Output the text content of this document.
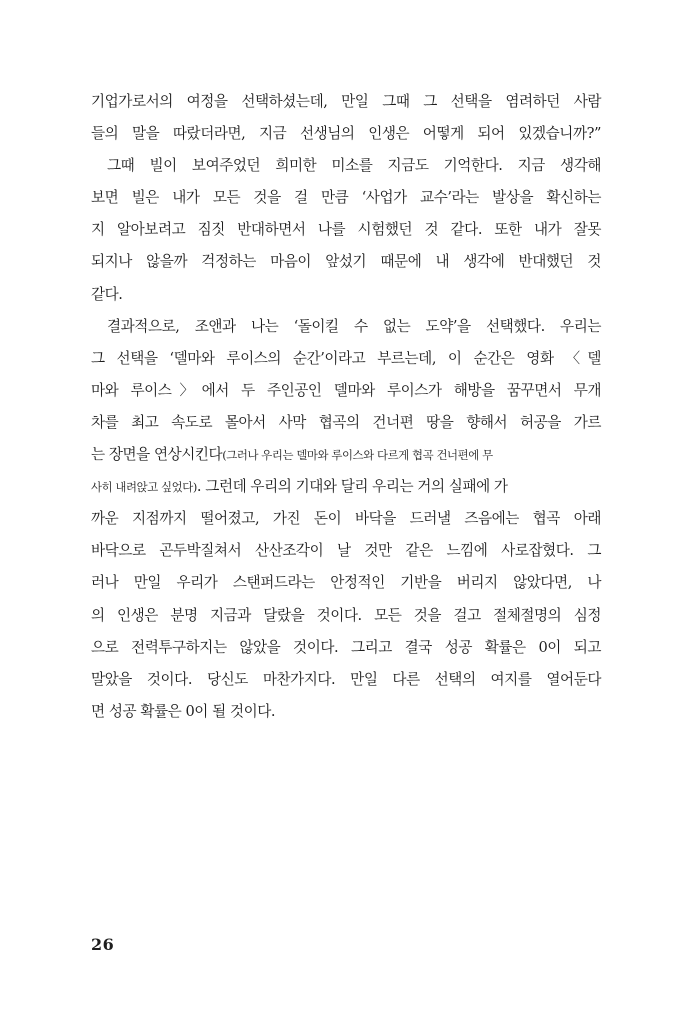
기업가로서의 여정을 선택하셨는데, 만일 그때 그 선택을 염려하던 사람
들의 말을 따랐더라면, 지금 선생님의 인생은 어떻게 되어 있겠습니까?”
그때 빌이 보여주었던 희미한 미소를 지금도 기억한다. 지금 생각해
보면 빌은 내가 모든 것을 걸 만큼 ‘사업가 교수’라는 발상을 확신하는
지 알아보려고 짐짓 반대하면서 나를 시험했던 것 같다. 또한 내가 잘못
되지나 않을까 걱정하는 마음이 앞섰기 때문에 내 생각에 반대했던 것
같다.
결과적으로, 조앤과 나는 ‘돌이킬 수 없는 도약’을 선택했다. 우리는
그 선택을 ‘델마와 루이스의 순간’이라고 부르는데, 이 순간은 영화 〈델
마와 루이스〉에서 두 주인공인 델마와 루이스가 해방을 꿈꾸면서 무개
차를 최고 속도로 몰아서 사막 협곡의 건너편 땅을 향해서 허공을 가르
는 장면을 연상시킨다(그러나 우리는 델마와 루이스와 다르게 협곡 건너편에 무
사히 내려앉고 싶었다). 그런데 우리의 기대와 달리 우리는 거의 실패에 가
까운 지점까지 떨어졌고, 가진 돈이 바닥을 드러낼 즈음에는 협곡 아래
바닥으로 곤두박질쳐서 산산조각이 날 것만 같은 느낌에 사로잡혔다. 그
러나 만일 우리가 스탠퍼드라는 안정적인 기반을 버리지 않았다면, 나
의 인생은 분명 지금과 달랐을 것이다. 모든 것을 걸고 절체절명의 심정
으로 전력투구하지는 않았을 것이다. 그리고 결국 성공 확률은 0이 되고
말았을 것이다. 당신도 마찬가지다. 만일 다른 선택의 여지를 열어둔다
면 성공 확률은 0이 될 것이다.
26
